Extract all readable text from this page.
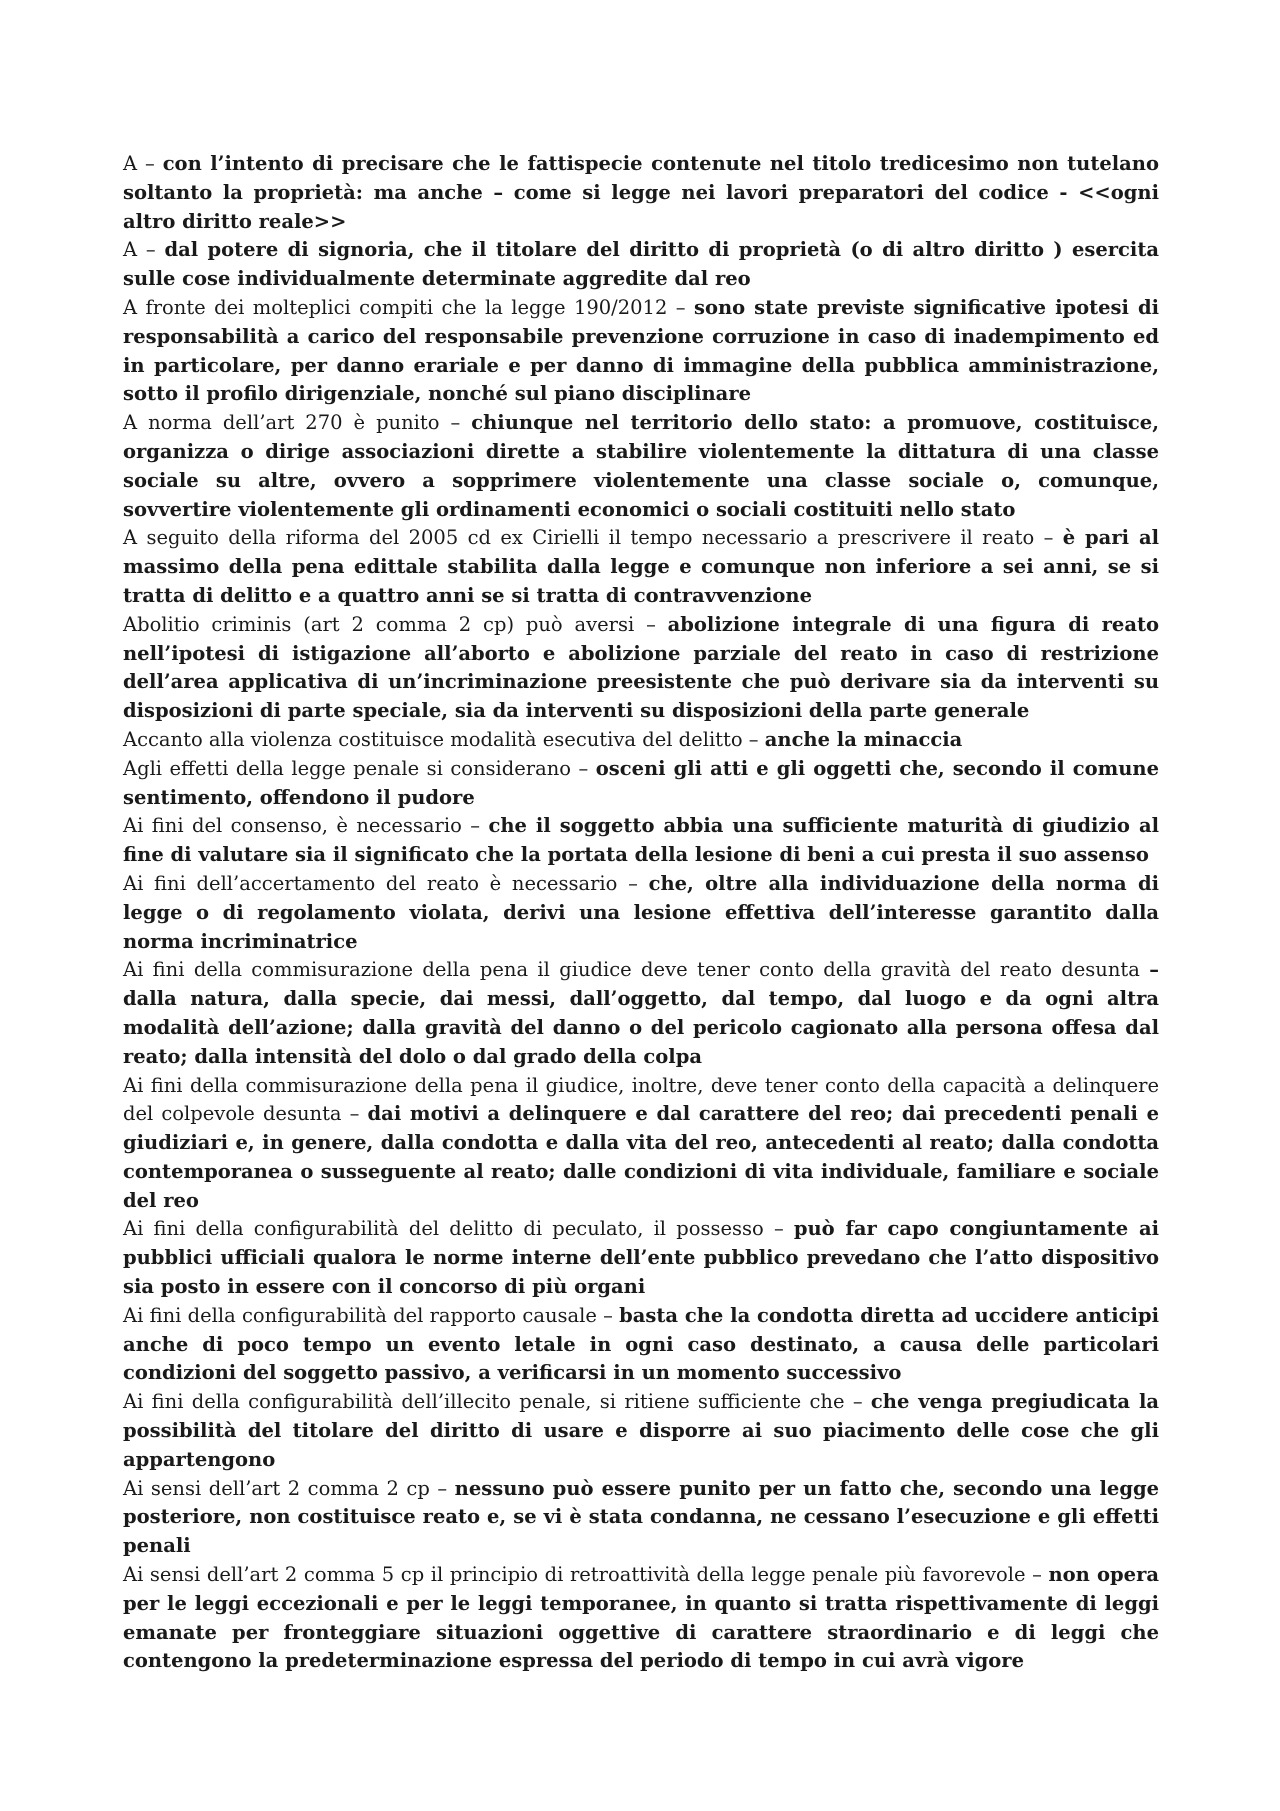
A – con l’intento di precisare che le fattispecie contenute nel titolo tredicesimo non tutelano soltanto la proprietà: ma anche – come si legge nei lavori preparatori del codice - <<ogni altro diritto reale>>

A – dal potere di signoria, che il titolare del diritto di proprietà (o di altro diritto ) esercita sulle cose individualmente determinate aggredite dal reo

A fronte dei molteplici compiti che la legge 190/2012 – sono state previste significative ipotesi di responsabilità a carico del responsabile prevenzione corruzione in caso di inadempimento ed in particolare, per danno erariale e per danno di immagine della pubblica amministrazione, sotto il profilo dirigenziale, nonché sul piano disciplinare

A norma dell’art 270 è punito – chiunque nel territorio dello stato: a promuove, costituisce, organizza o dirige associazioni dirette a stabilire violentemente la dittatura di una classe sociale su altre, ovvero a sopprimere violentemente una classe sociale o, comunque, sovvertire violentemente gli ordinamenti economici o sociali costituiti nello stato

A seguito della riforma del 2005 cd ex Cirielli il tempo necessario a prescrivere il reato – è pari al massimo della pena edittale stabilita dalla legge e comunque non inferiore a sei anni, se si tratta di delitto e a quattro anni se si tratta di contravvenzione

Abolitio criminis (art 2 comma 2 cp) può aversi – abolizione integrale di una figura di reato nell’ipotesi di istigazione all’aborto e abolizione parziale del reato in caso di restrizione dell’area applicativa di un’incriminazione preesistente che può derivare sia da interventi su disposizioni di parte speciale, sia da interventi su disposizioni della parte generale

Accanto alla violenza costituisce modalità esecutiva del delitto – anche la minaccia

Agli effetti della legge penale si considerano – osceni gli atti e gli oggetti che, secondo il comune sentimento, offendono il pudore

Ai fini del consenso, è necessario – che il soggetto abbia una sufficiente maturità di giudizio al fine di valutare sia il significato che la portata della lesione di beni a cui presta il suo assenso

Ai fini dell’accertamento del reato è necessario – che, oltre alla individuazione della norma di legge o di regolamento violata, derivi una lesione effettiva dell’interesse garantito dalla norma incriminatrice

Ai fini della commisurazione della pena il giudice deve tener conto della gravità del reato desunta – dalla natura, dalla specie, dai messi, dall’oggetto, dal tempo, dal luogo e da ogni altra modalità dell’azione; dalla gravità del danno o del pericolo cagionato alla persona offesa dal reato; dalla intensità del dolo o dal grado della colpa

Ai fini della commisurazione della pena il giudice, inoltre, deve tener conto della capacità a delinquere del colpevole desunta – dai motivi a delinquere e dal carattere del reo; dai precedenti penali e giudiziari e, in genere, dalla condotta e dalla vita del reo, antecedenti al reato; dalla condotta contemporanea o susseguente al reato; dalle condizioni di vita individuale, familiare e sociale del reo

Ai fini della configurabilità del delitto di peculato, il possesso – può far capo congiuntamente ai pubblici ufficiali qualora le norme interne dell’ente pubblico prevedano che l’atto dispositivo sia posto in essere con il concorso di più organi

Ai fini della configurabilità del rapporto causale – basta che la condotta diretta ad uccidere anticipi anche di poco tempo un evento letale in ogni caso destinato, a causa delle particolari condizioni del soggetto passivo, a verificarsi in un momento successivo

Ai fini della configurabilità dell’illecito penale, si ritiene sufficiente che – che venga pregiudicata la possibilità del titolare del diritto di usare e disporre ai suo piacimento delle cose che gli appartengono

Ai sensi dell’art 2 comma 2 cp – nessuno può essere punito per un fatto che, secondo una legge posteriore, non costituisce reato e, se vi è stata condanna, ne cessano l’esecuzione e gli effetti penali

Ai sensi dell’art 2 comma 5 cp il principio di retroattività della legge penale più favorevole – non opera per le leggi eccezionali e per le leggi temporanee, in quanto si tratta rispettivamente di leggi emanate per fronteggiare situazioni oggettive di carattere straordinario e di leggi che contengono la predeterminazione espressa del periodo di tempo in cui avrà vigore
